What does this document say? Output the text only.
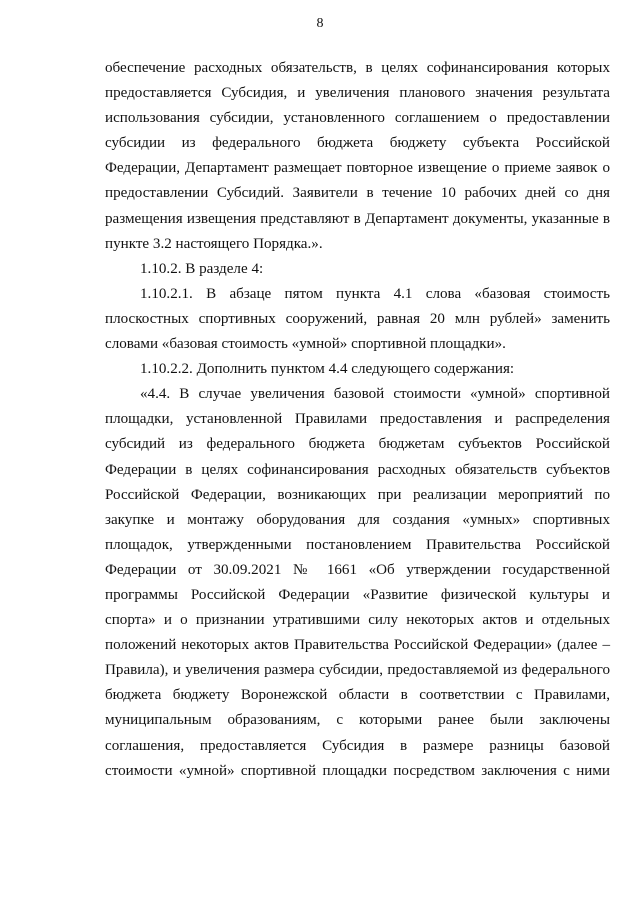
8
обеспечение расходных обязательств, в целях софинансирования которых
предоставляется Субсидия, и увеличения планового значения результата
использования субсидии, установленного соглашением о предоставлении
субсидии из федерального бюджета бюджету субъекта Российской
Федерации, Департамент размещает повторное извещение о приеме заявок о
предоставлении Субсидий. Заявители в течение 10 рабочих дней со дня
размещения извещения представляют в Департамент документы, указанные в
пункте 3.2 настоящего Порядка.».
1.10.2. В разделе 4:
1.10.2.1. В абзаце пятом пункта 4.1 слова «базовая стоимость
плоскостных спортивных сооружений, равная 20 млн рублей» заменить
словами «базовая стоимость «умной» спортивной площадки».
1.10.2.2. Дополнить пунктом 4.4 следующего содержания:
«4.4. В случае увеличения базовой стоимости «умной» спортивной
площадки, установленной Правилами предоставления и распределения
субсидий из федерального бюджета бюджетам субъектов Российской
Федерации в целях софинансирования расходных обязательств субъектов
Российской Федерации, возникающих при реализации мероприятий по
закупке и монтажу оборудования для создания «умных» спортивных
площадок, утвержденными постановлением Правительства Российской
Федерации от 30.09.2021 № 1661 «Об утверждении государственной
программы Российской Федерации «Развитие физической культуры и
спорта» и о признании утратившими силу некоторых актов и отдельных
положений некоторых актов Правительства Российской Федерации» (далее –
Правила), и увеличения размера субсидии, предоставляемой из федерального
бюджета бюджету Воронежской области в соответствии с Правилами,
муниципальным образованиям, с которыми ранее были заключены
соглашения, предоставляется Субсидия в размере разницы базовой
стоимости «умной» спортивной площадки посредством заключения с ними
